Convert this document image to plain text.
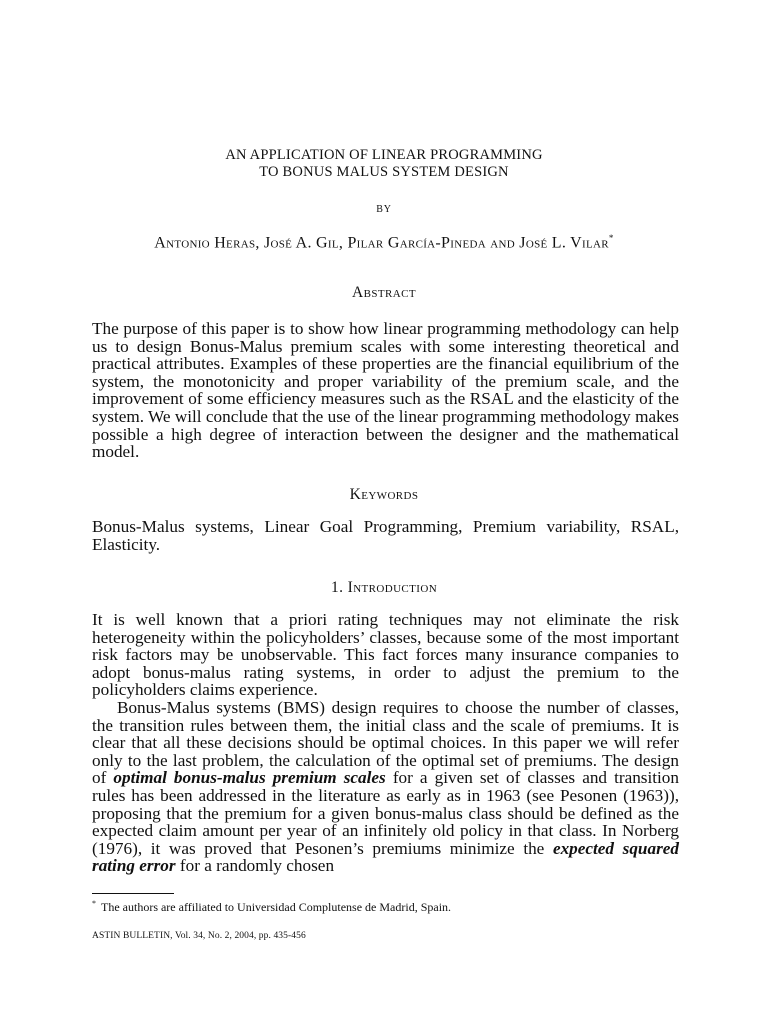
AN APPLICATION OF LINEAR PROGRAMMING
TO BONUS MALUS SYSTEM DESIGN
BY
Antonio Heras, José A. Gil, Pilar García-Pineda and José L. Vilar*
Abstract
The purpose of this paper is to show how linear programming methodology can help us to design Bonus-Malus premium scales with some interesting theoretical and practical attributes. Examples of these properties are the financial equilibrium of the system, the monotonicity and proper variability of the premium scale, and the improvement of some efficiency measures such as the RSAL and the elasticity of the system. We will conclude that the use of the linear programming methodology makes possible a high degree of interaction between the designer and the mathematical model.
Keywords
Bonus-Malus systems, Linear Goal Programming, Premium variability, RSAL, Elasticity.
1. Introduction
It is well known that a priori rating techniques may not eliminate the risk heterogeneity within the policyholders’ classes, because some of the most important risk factors may be unobservable. This fact forces many insurance companies to adopt bonus-malus rating systems, in order to adjust the premium to the policyholders claims experience.
Bonus-Malus systems (BMS) design requires to choose the number of classes, the transition rules between them, the initial class and the scale of premiums. It is clear that all these decisions should be optimal choices. In this paper we will refer only to the last problem, the calculation of the optimal set of premiums. The design of optimal bonus-malus premium scales for a given set of classes and transition rules has been addressed in the literature as early as in 1963 (see Pesonen (1963)), proposing that the premium for a given bonus-malus class should be defined as the expected claim amount per year of an infinitely old policy in that class. In Norberg (1976), it was proved that Pesonen’s premiums minimize the expected squared rating error for a randomly chosen
* The authors are affiliated to Universidad Complutense de Madrid, Spain.
ASTIN BULLETIN, Vol. 34, No. 2, 2004, pp. 435-456
